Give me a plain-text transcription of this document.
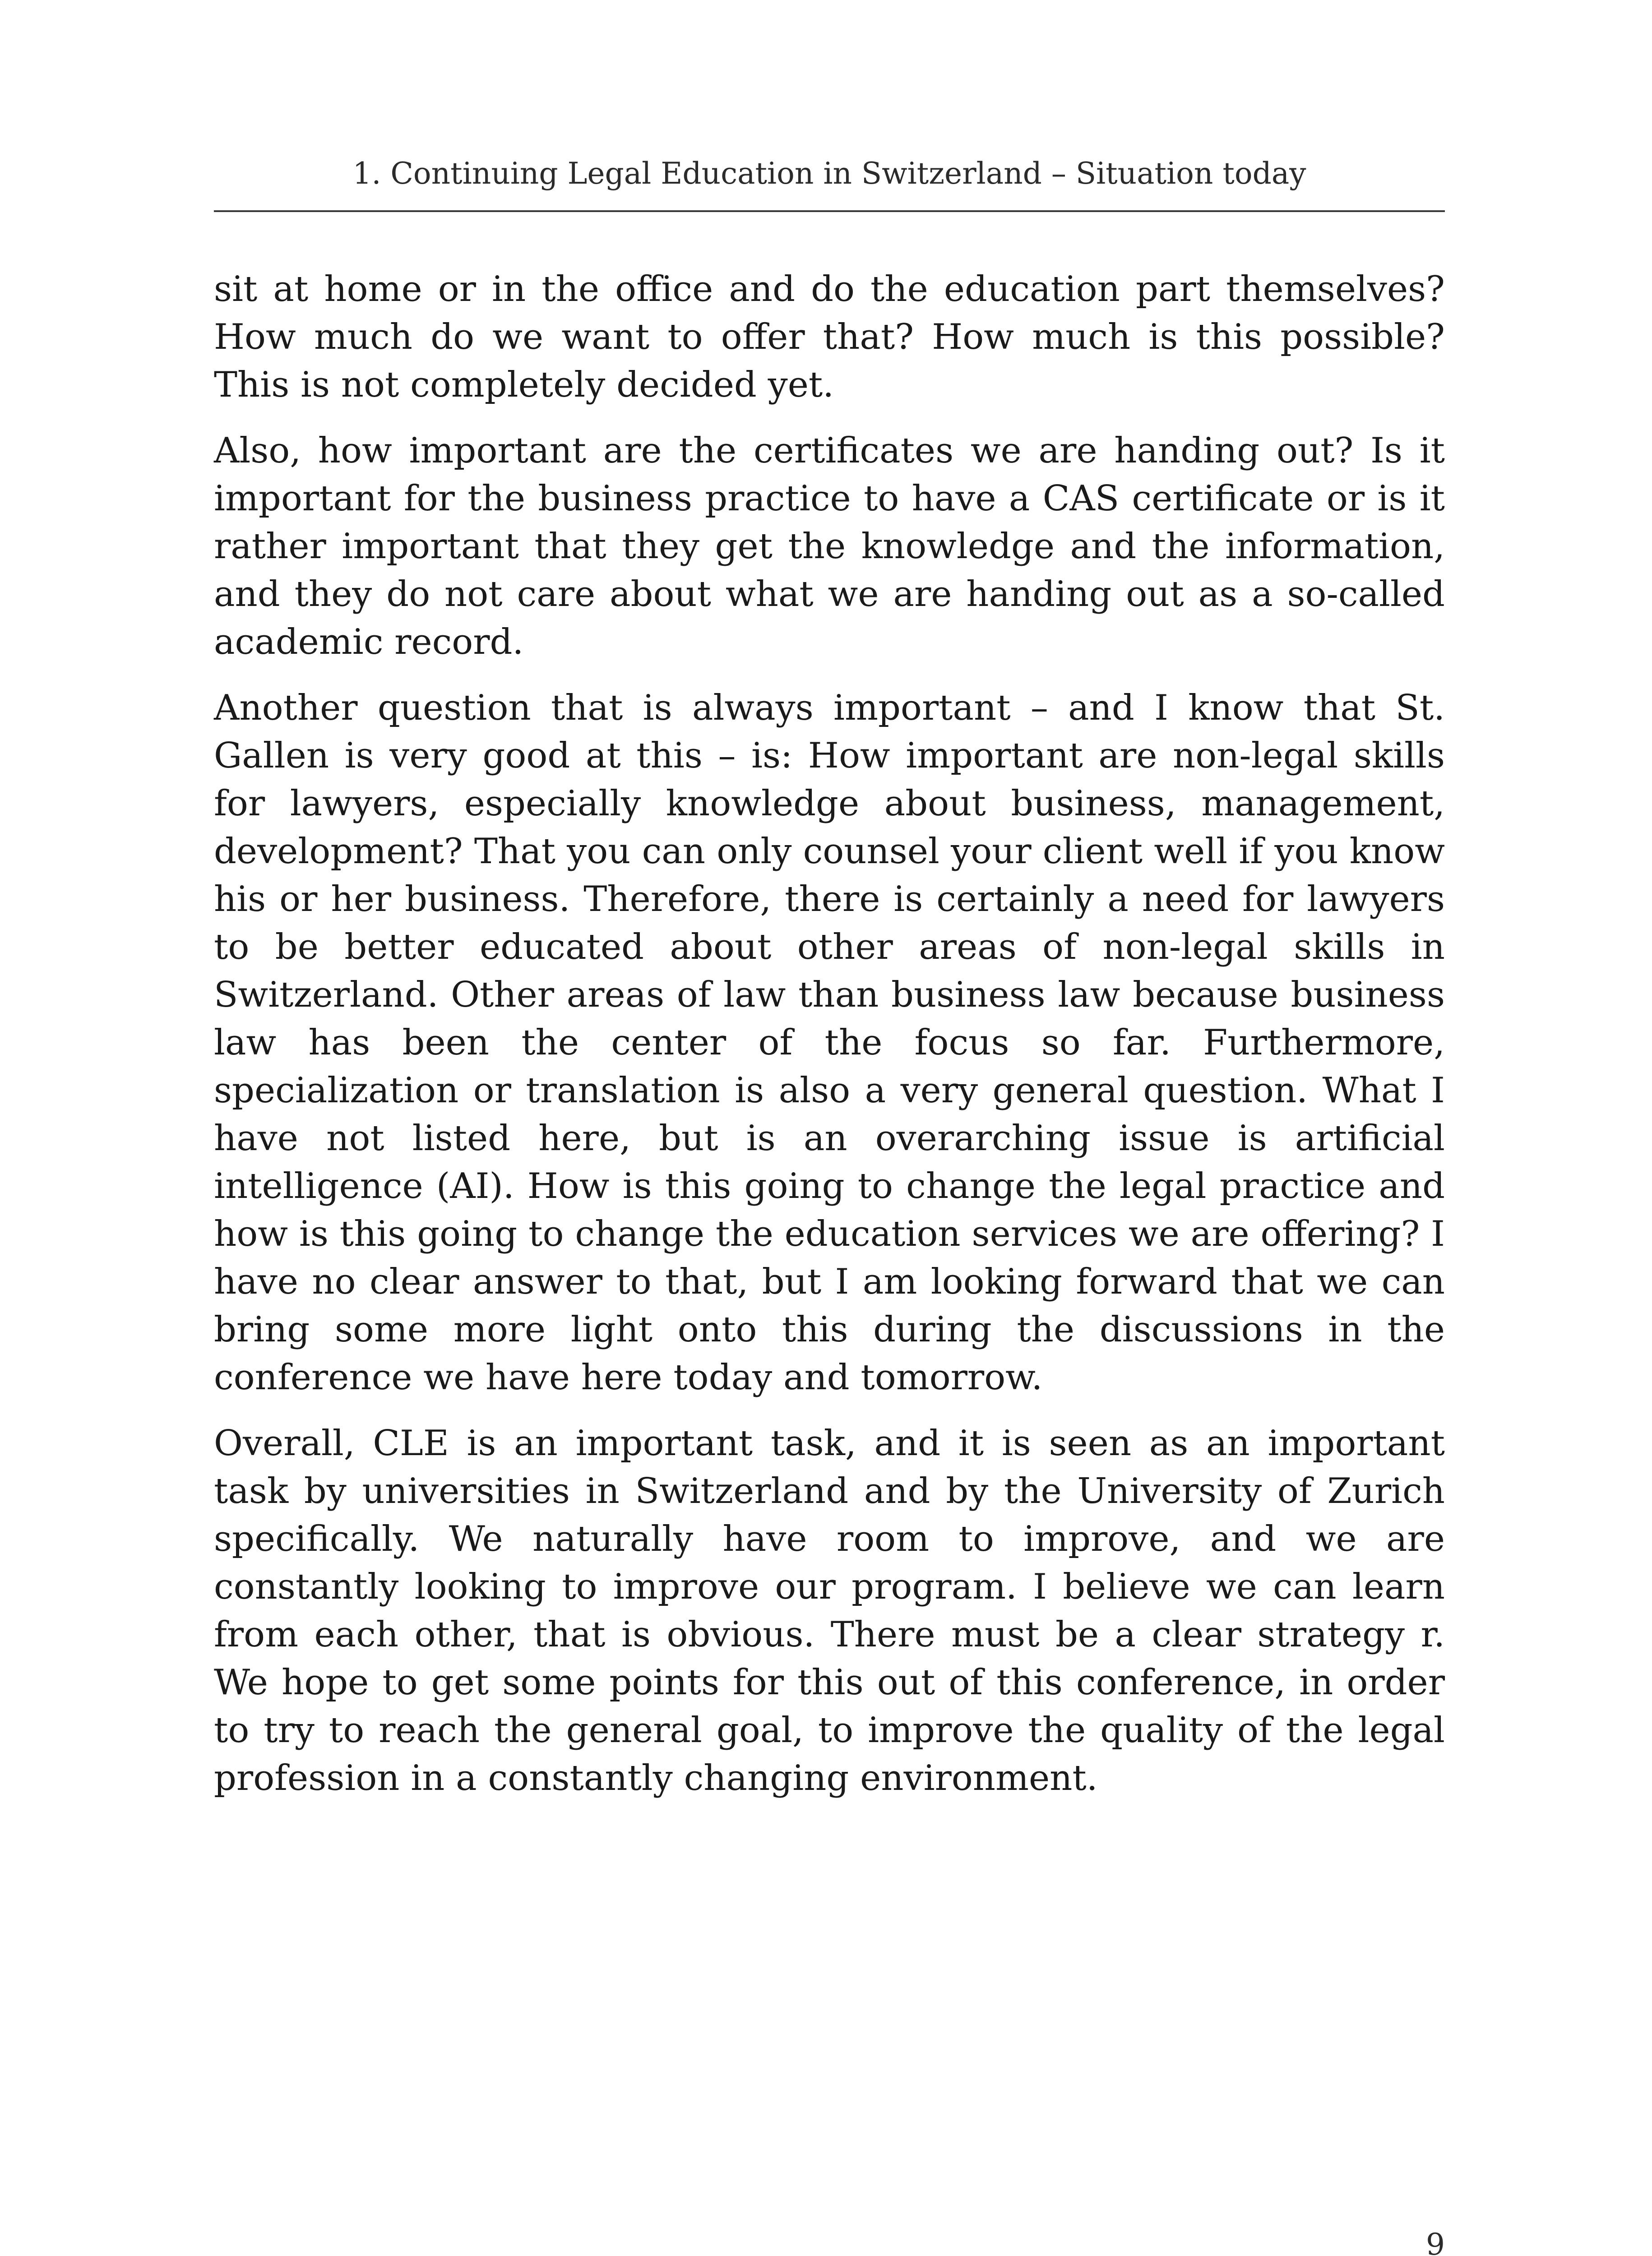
1. Continuing Legal Education in Switzerland – Situation today

sit at home or in the office and do the education part themselves? How much do we want to offer that? How much is this possible? This is not completely decided yet.

Also, how important are the certificates we are handing out? Is it important for the business practice to have a CAS certificate or is it rather important that they get the knowledge and the information, and they do not care about what we are handing out as a so-called academic record.

Another question that is always important – and I know that St. Gallen is very good at this – is: How important are non-legal skills for lawyers, especially knowledge about business, management, development? That you can only counsel your client well if you know his or her business. Therefore, there is certainly a need for lawyers to be better educated about other areas of non-legal skills in Switzerland. Other areas of law than business law because business law has been the center of the focus so far. Furthermore, specialization or translation is also a very general question. What I have not listed here, but is an overarching issue is artificial intelligence (AI). How is this going to change the legal practice and how is this going to change the education services we are offering? I have no clear answer to that, but I am looking forward that we can bring some more light onto this during the discussions in the conference we have here today and tomorrow.

Overall, CLE is an important task, and it is seen as an important task by universities in Switzerland and by the University of Zurich specifically. We naturally have room to improve, and we are constantly looking to improve our program. I believe we can learn from each other, that is obvious. There must be a clear strategy r. We hope to get some points for this out of this conference, in order to try to reach the general goal, to improve the quality of the legal profession in a constantly changing environment.

9
